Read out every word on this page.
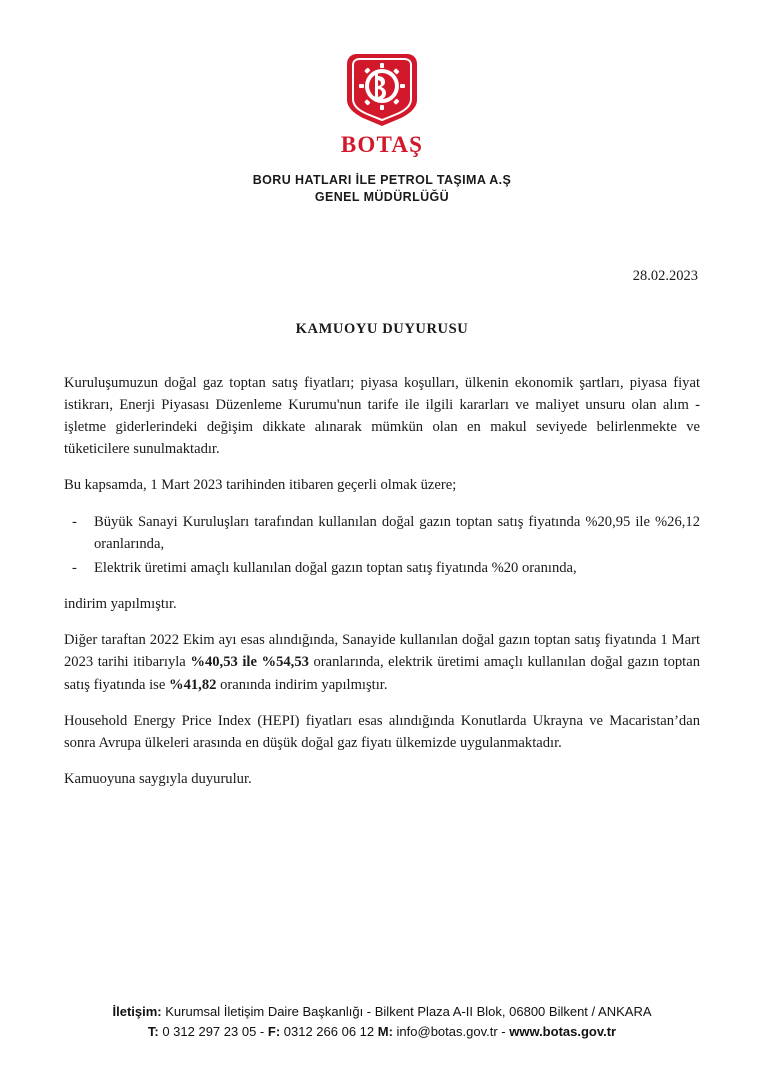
BOTAŞ
BORU HATLARI İLE PETROL TAŞIMA A.Ş
GENEL MÜDÜRLÜĞÜ
28.02.2023
KAMUOYU DUYURUSU

Kuruluşumuzun doğal gaz toptan satış fiyatları; piyasa koşulları, ülkenin ekonomik şartları, piyasa fiyat istikrarı, Enerji Piyasası Düzenleme Kurumu'nun tarife ile ilgili kararları ve maliyet unsuru olan alım - işletme giderlerindeki değişim dikkate alınarak mümkün olan en makul seviyede belirlenmekte ve tüketicilere sunulmaktadır.

Bu kapsamda, 1 Mart 2023 tarihinden itibaren geçerli olmak üzere;

- Büyük Sanayi Kuruluşları tarafından kullanılan doğal gazın toptan satış fiyatında %20,95 ile %26,12 oranlarında,
- Elektrik üretimi amaçlı kullanılan doğal gazın toptan satış fiyatında %20 oranında,

indirim yapılmıştır.

Diğer taraftan 2022 Ekim ayı esas alındığında, Sanayide kullanılan doğal gazın toptan satış fiyatında 1 Mart 2023 tarihi itibarıyla %40,53 ile %54,53 oranlarında, elektrik üretimi amaçlı kullanılan doğal gazın toptan satış fiyatında ise %41,82 oranında indirim yapılmıştır.

Household Energy Price Index (HEPI) fiyatları esas alındığında Konutlarda Ukrayna ve Macaristan’dan sonra Avrupa ülkeleri arasında en düşük doğal gaz fiyatı ülkemizde uygulanmaktadır.

Kamuoyuna saygıyla duyurulur.

İletişim: Kurumsal İletişim Daire Başkanlığı - Bilkent Plaza A-II Blok, 06800 Bilkent / ANKARA
T: 0 312 297 23 05 - F: 0312 266 06 12 M: info@botas.gov.tr - www.botas.gov.tr
